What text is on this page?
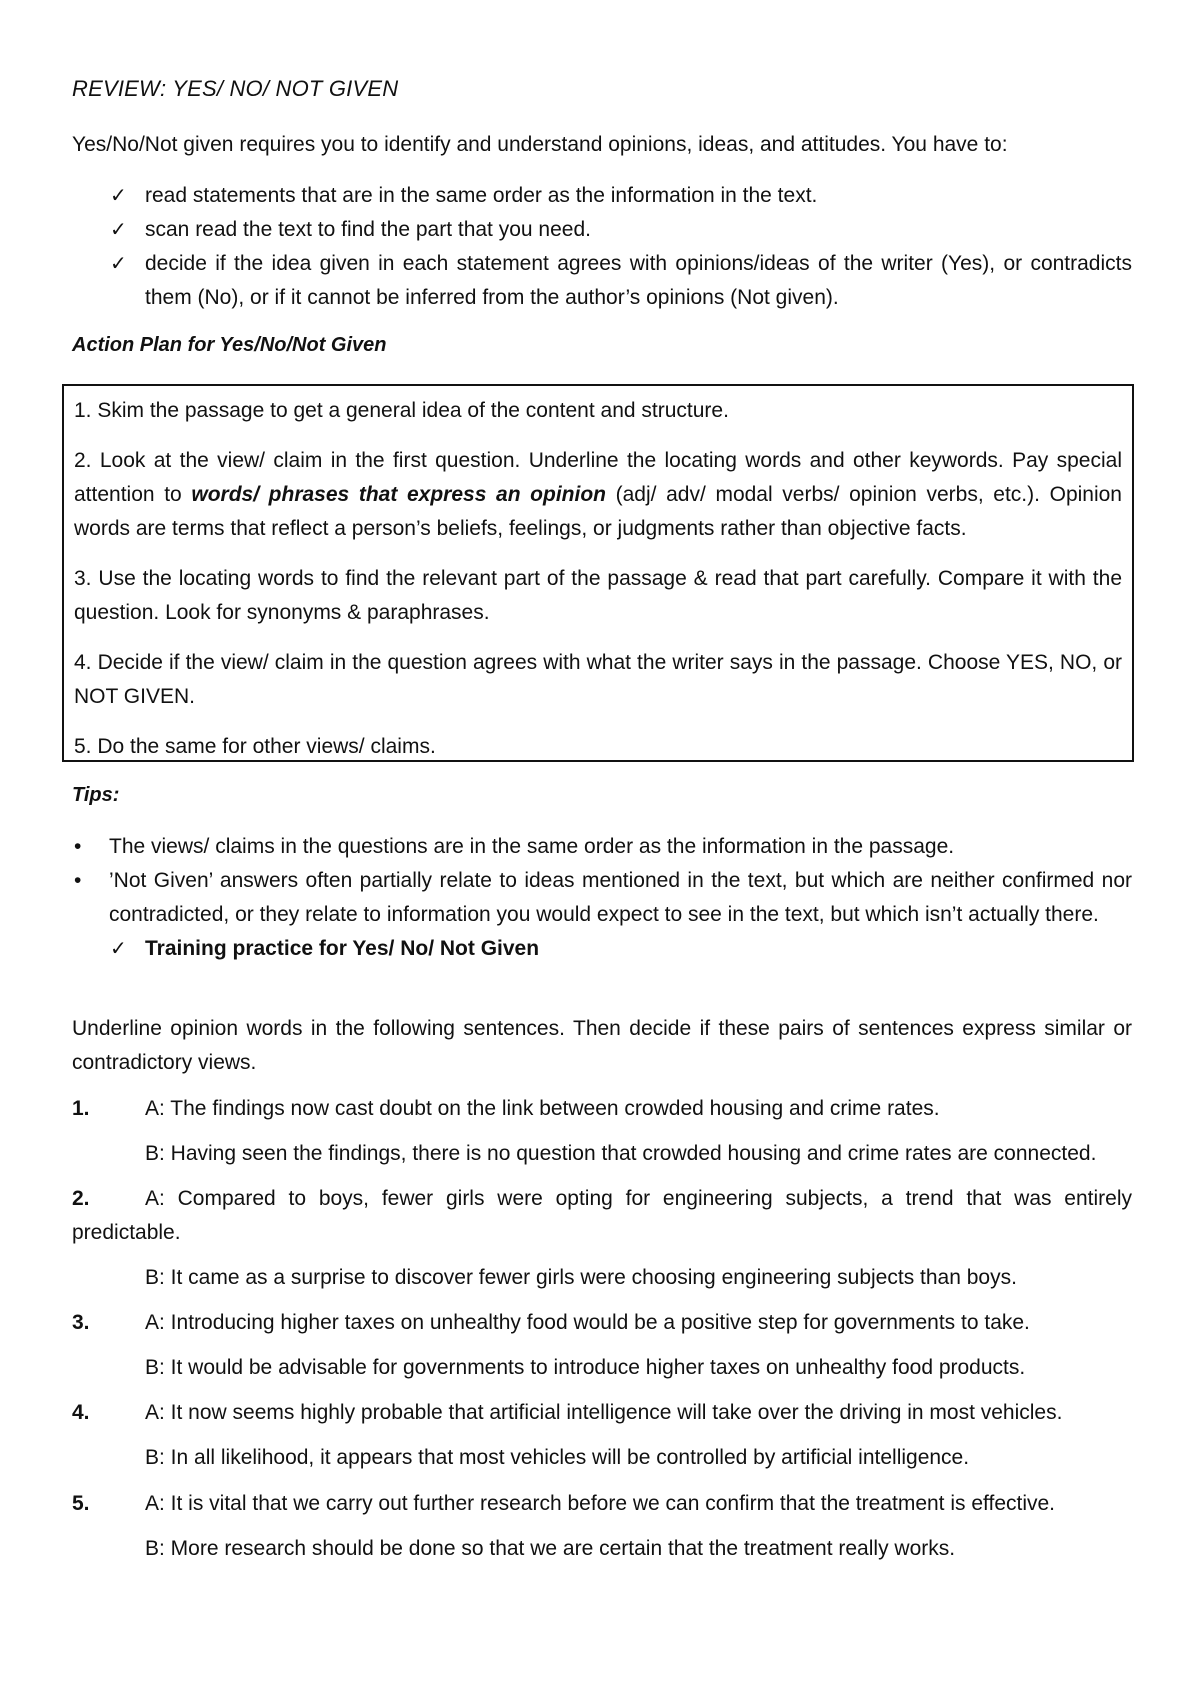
REVIEW: YES/ NO/ NOT GIVEN
Yes/No/Not given requires you to identify and understand opinions, ideas, and attitudes. You have to:
✓ read statements that are in the same order as the information in the text.
✓ scan read the text to find the part that you need.
✓ decide if the idea given in each statement agrees with opinions/ideas of the writer (Yes), or contradicts them (No), or if it cannot be inferred from the author’s opinions (Not given).
Action Plan for Yes/No/Not Given
1. Skim the passage to get a general idea of the content and structure.
2. Look at the view/ claim in the first question. Underline the locating words and other keywords. Pay special attention to words/ phrases that express an opinion (adj/ adv/ modal verbs/ opinion verbs, etc.). Opinion words are terms that reflect a person’s beliefs, feelings, or judgments rather than objective facts.
3. Use the locating words to find the relevant part of the passage & read that part carefully. Compare it with the question. Look for synonyms & paraphrases.
4. Decide if the view/ claim in the question agrees with what the writer says in the passage. Choose YES, NO, or NOT GIVEN.
5. Do the same for other views/ claims.
Tips:
• The views/ claims in the questions are in the same order as the information in the passage.
• ’Not Given’ answers often partially relate to ideas mentioned in the text, but which are neither confirmed nor contradicted, or they relate to information you would expect to see in the text, but which isn’t actually there.
✓ Training practice for Yes/ No/ Not Given
Underline opinion words in the following sentences. Then decide if these pairs of sentences express similar or contradictory views.
1.	A: The findings now cast doubt on the link between crowded housing and crime rates.
B: Having seen the findings, there is no question that crowded housing and crime rates are connected.
2.	A: Compared to boys, fewer girls were opting for engineering subjects, a trend that was entirely predictable.
B: It came as a surprise to discover fewer girls were choosing engineering subjects than boys.
3.	A: Introducing higher taxes on unhealthy food would be a positive step for governments to take.
B: It would be advisable for governments to introduce higher taxes on unhealthy food products.
4.	A: It now seems highly probable that artificial intelligence will take over the driving in most vehicles.
B: In all likelihood, it appears that most vehicles will be controlled by artificial intelligence.
5.	A: It is vital that we carry out further research before we can confirm that the treatment is effective.
B: More research should be done so that we are certain that the treatment really works.
